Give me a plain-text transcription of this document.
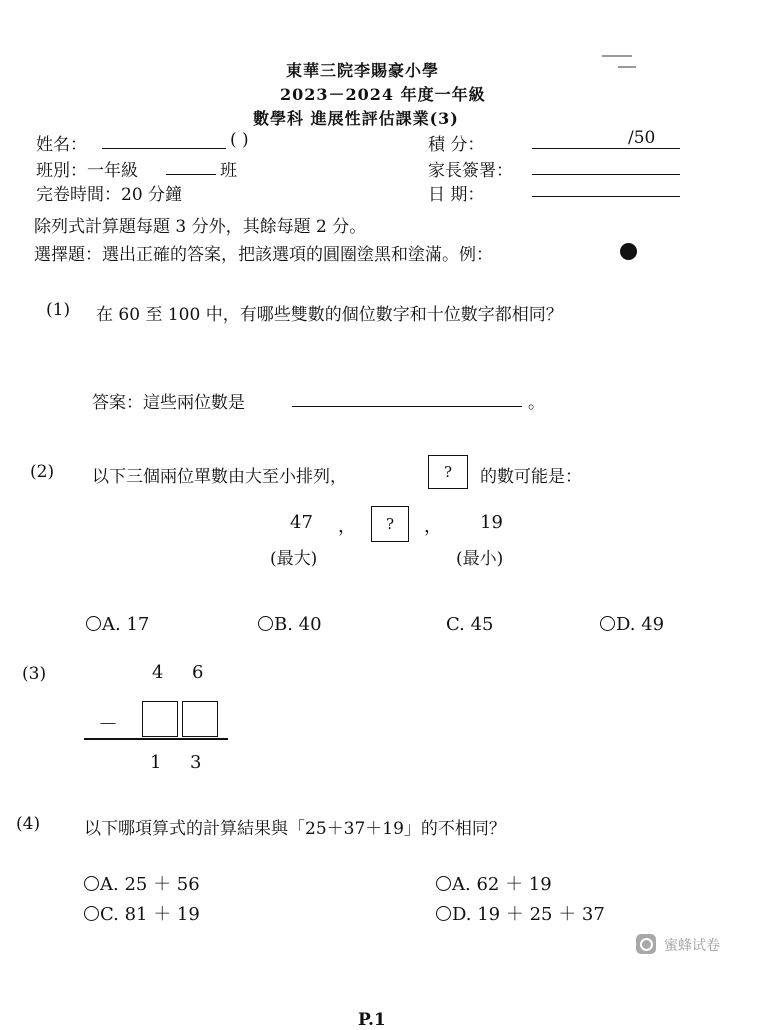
東華三院李賜豪小學
2023－2024 年度一年級
數學科 進展性評估課業(3)
姓名：	( )
班別：一年級	班
完卷時間：20 分鐘
積 分：	/50
家長簽署：
日 期：
除列式計算題每題 3 分外，其餘每題 2 分。
選擇題：選出正確的答案，把該選項的圓圈塗黑和塗滿。例：
(1) 在 60 至 100 中，有哪些雙數的個位數字和十位數字都相同？
答案：這些兩位數是	。
(2) 以下三個兩位單數由大至小排列，	?	的數可能是：
47 ，	?	， 19
(最大)	(最小)
A. 17	B. 40	C. 45	D. 49
(3)	4 6
－
1 3
(4)	以下哪項算式的計算結果與「25＋37＋19」的不相同？
A. 25 ＋ 56	A. 62 ＋ 19
C. 81 ＋ 19	D. 19 ＋ 25 ＋ 37
蜜蜂试卷
P.1
